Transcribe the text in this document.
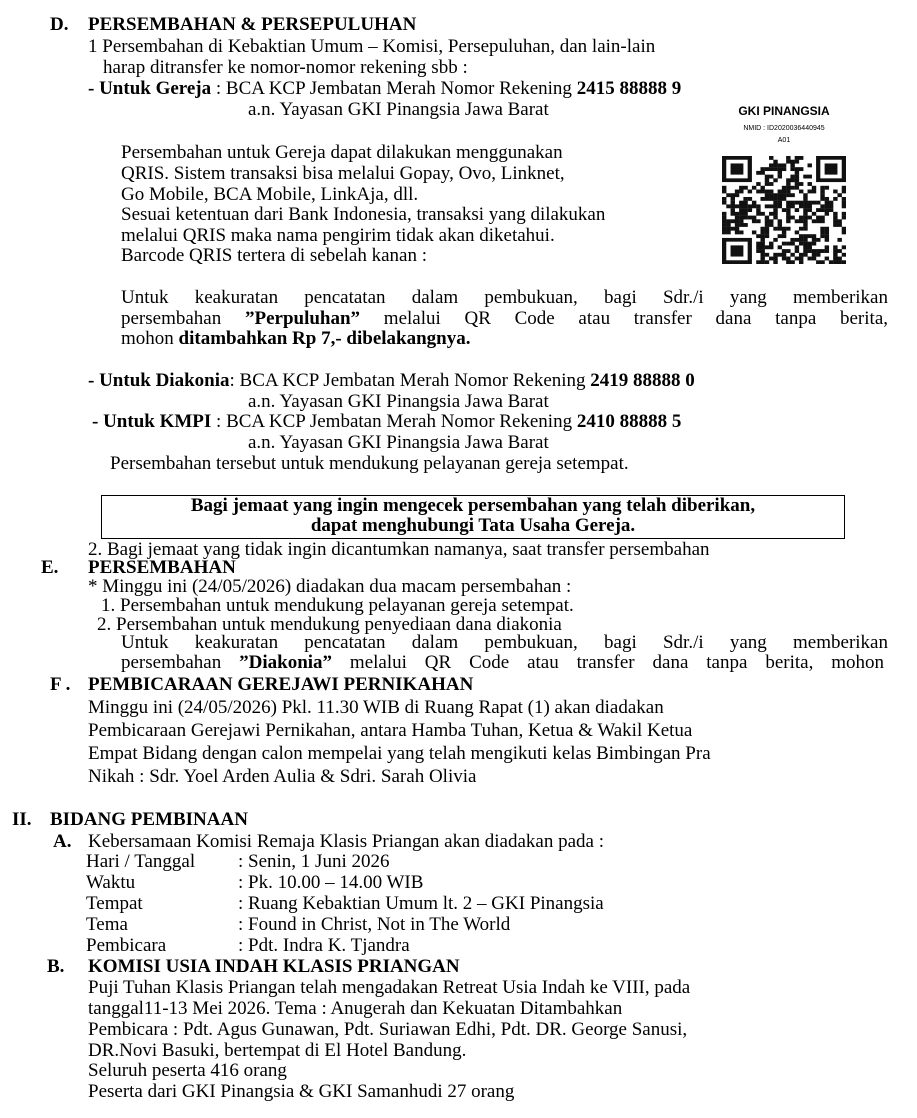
D. PERSEMBAHAN & PERSEPULUHAN
1 Persembahan di Kebaktian Umum – Komisi, Persepuluhan, dan lain-lain
harap ditransfer ke nomor-nomor rekening sbb :
- Untuk Gereja : BCA KCP Jembatan Merah Nomor Rekening 2415 88888 9
a.n. Yayasan GKI Pinangsia Jawa Barat
Persembahan untuk Gereja dapat dilakukan menggunakan
QRIS. Sistem transaksi bisa melalui Gopay, Ovo, Linknet,
Go Mobile, BCA Mobile, LinkAja, dll.
Sesuai ketentuan dari Bank Indonesia, transaksi yang dilakukan
melalui QRIS maka nama pengirim tidak akan diketahui.
Barcode QRIS tertera di sebelah kanan :
GKI PINANGSIA
NMID : ID2020036440945
A01
Untuk keakuratan pencatatan dalam pembukuan, bagi Sdr./i yang memberikan
persembahan ”Perpuluhan” melalui QR Code atau transfer dana tanpa berita,
mohon ditambahkan Rp 7,- dibelakangnya.
- Untuk Diakonia: BCA KCP Jembatan Merah Nomor Rekening 2419 88888 0
a.n. Yayasan GKI Pinangsia Jawa Barat
- Untuk KMPI : BCA KCP Jembatan Merah Nomor Rekening 2410 88888 5
a.n. Yayasan GKI Pinangsia Jawa Barat
Persembahan tersebut untuk mendukung pelayanan gereja setempat.
Bagi jemaat yang ingin mengecek persembahan yang telah diberikan,
dapat menghubungi Tata Usaha Gereja.
2. Bagi jemaat yang tidak ingin dicantumkan namanya, saat transfer persembahan
E. PERSEMBAHAN
* Minggu ini (24/05/2026) diadakan dua macam persembahan :
1. Persembahan untuk mendukung pelayanan gereja setempat.
2. Persembahan untuk mendukung penyediaan dana diakonia
Untuk keakuratan pencatatan dalam pembukuan, bagi Sdr./i yang memberikan
persembahan ”Diakonia” melalui QR Code atau transfer dana tanpa berita, mohon
F . PEMBICARAAN GEREJAWI PERNIKAHAN
Minggu ini (24/05/2026) Pkl. 11.30 WIB di Ruang Rapat (1) akan diadakan
Pembicaraan Gerejawi Pernikahan, antara Hamba Tuhan, Ketua & Wakil Ketua
Empat Bidang dengan calon mempelai yang telah mengikuti kelas Bimbingan Pra
Nikah : Sdr. Yoel Arden Aulia & Sdri. Sarah Olivia
II. BIDANG PEMBINAAN
A. Kebersamaan Komisi Remaja Klasis Priangan akan diadakan pada :
Hari / Tanggal : Senin, 1 Juni 2026
Waktu	: Pk. 10.00 – 14.00 WIB
Tempat	: Ruang Kebaktian Umum lt. 2 – GKI Pinangsia
Tema	: Found in Christ, Not in The World
Pembicara	: Pdt. Indra K. Tjandra
B. KOMISI USIA INDAH KLASIS PRIANGAN
Puji Tuhan Klasis Priangan telah mengadakan Retreat Usia Indah ke VIII, pada
tanggal11-13 Mei 2026. Tema : Anugerah dan Kekuatan Ditambahkan
Pembicara : Pdt. Agus Gunawan, Pdt. Suriawan Edhi, Pdt. DR. George Sanusi,
DR.Novi Basuki, bertempat di El Hotel Bandung.
Seluruh peserta 416 orang
Peserta dari GKI Pinangsia & GKI Samanhudi 27 orang
